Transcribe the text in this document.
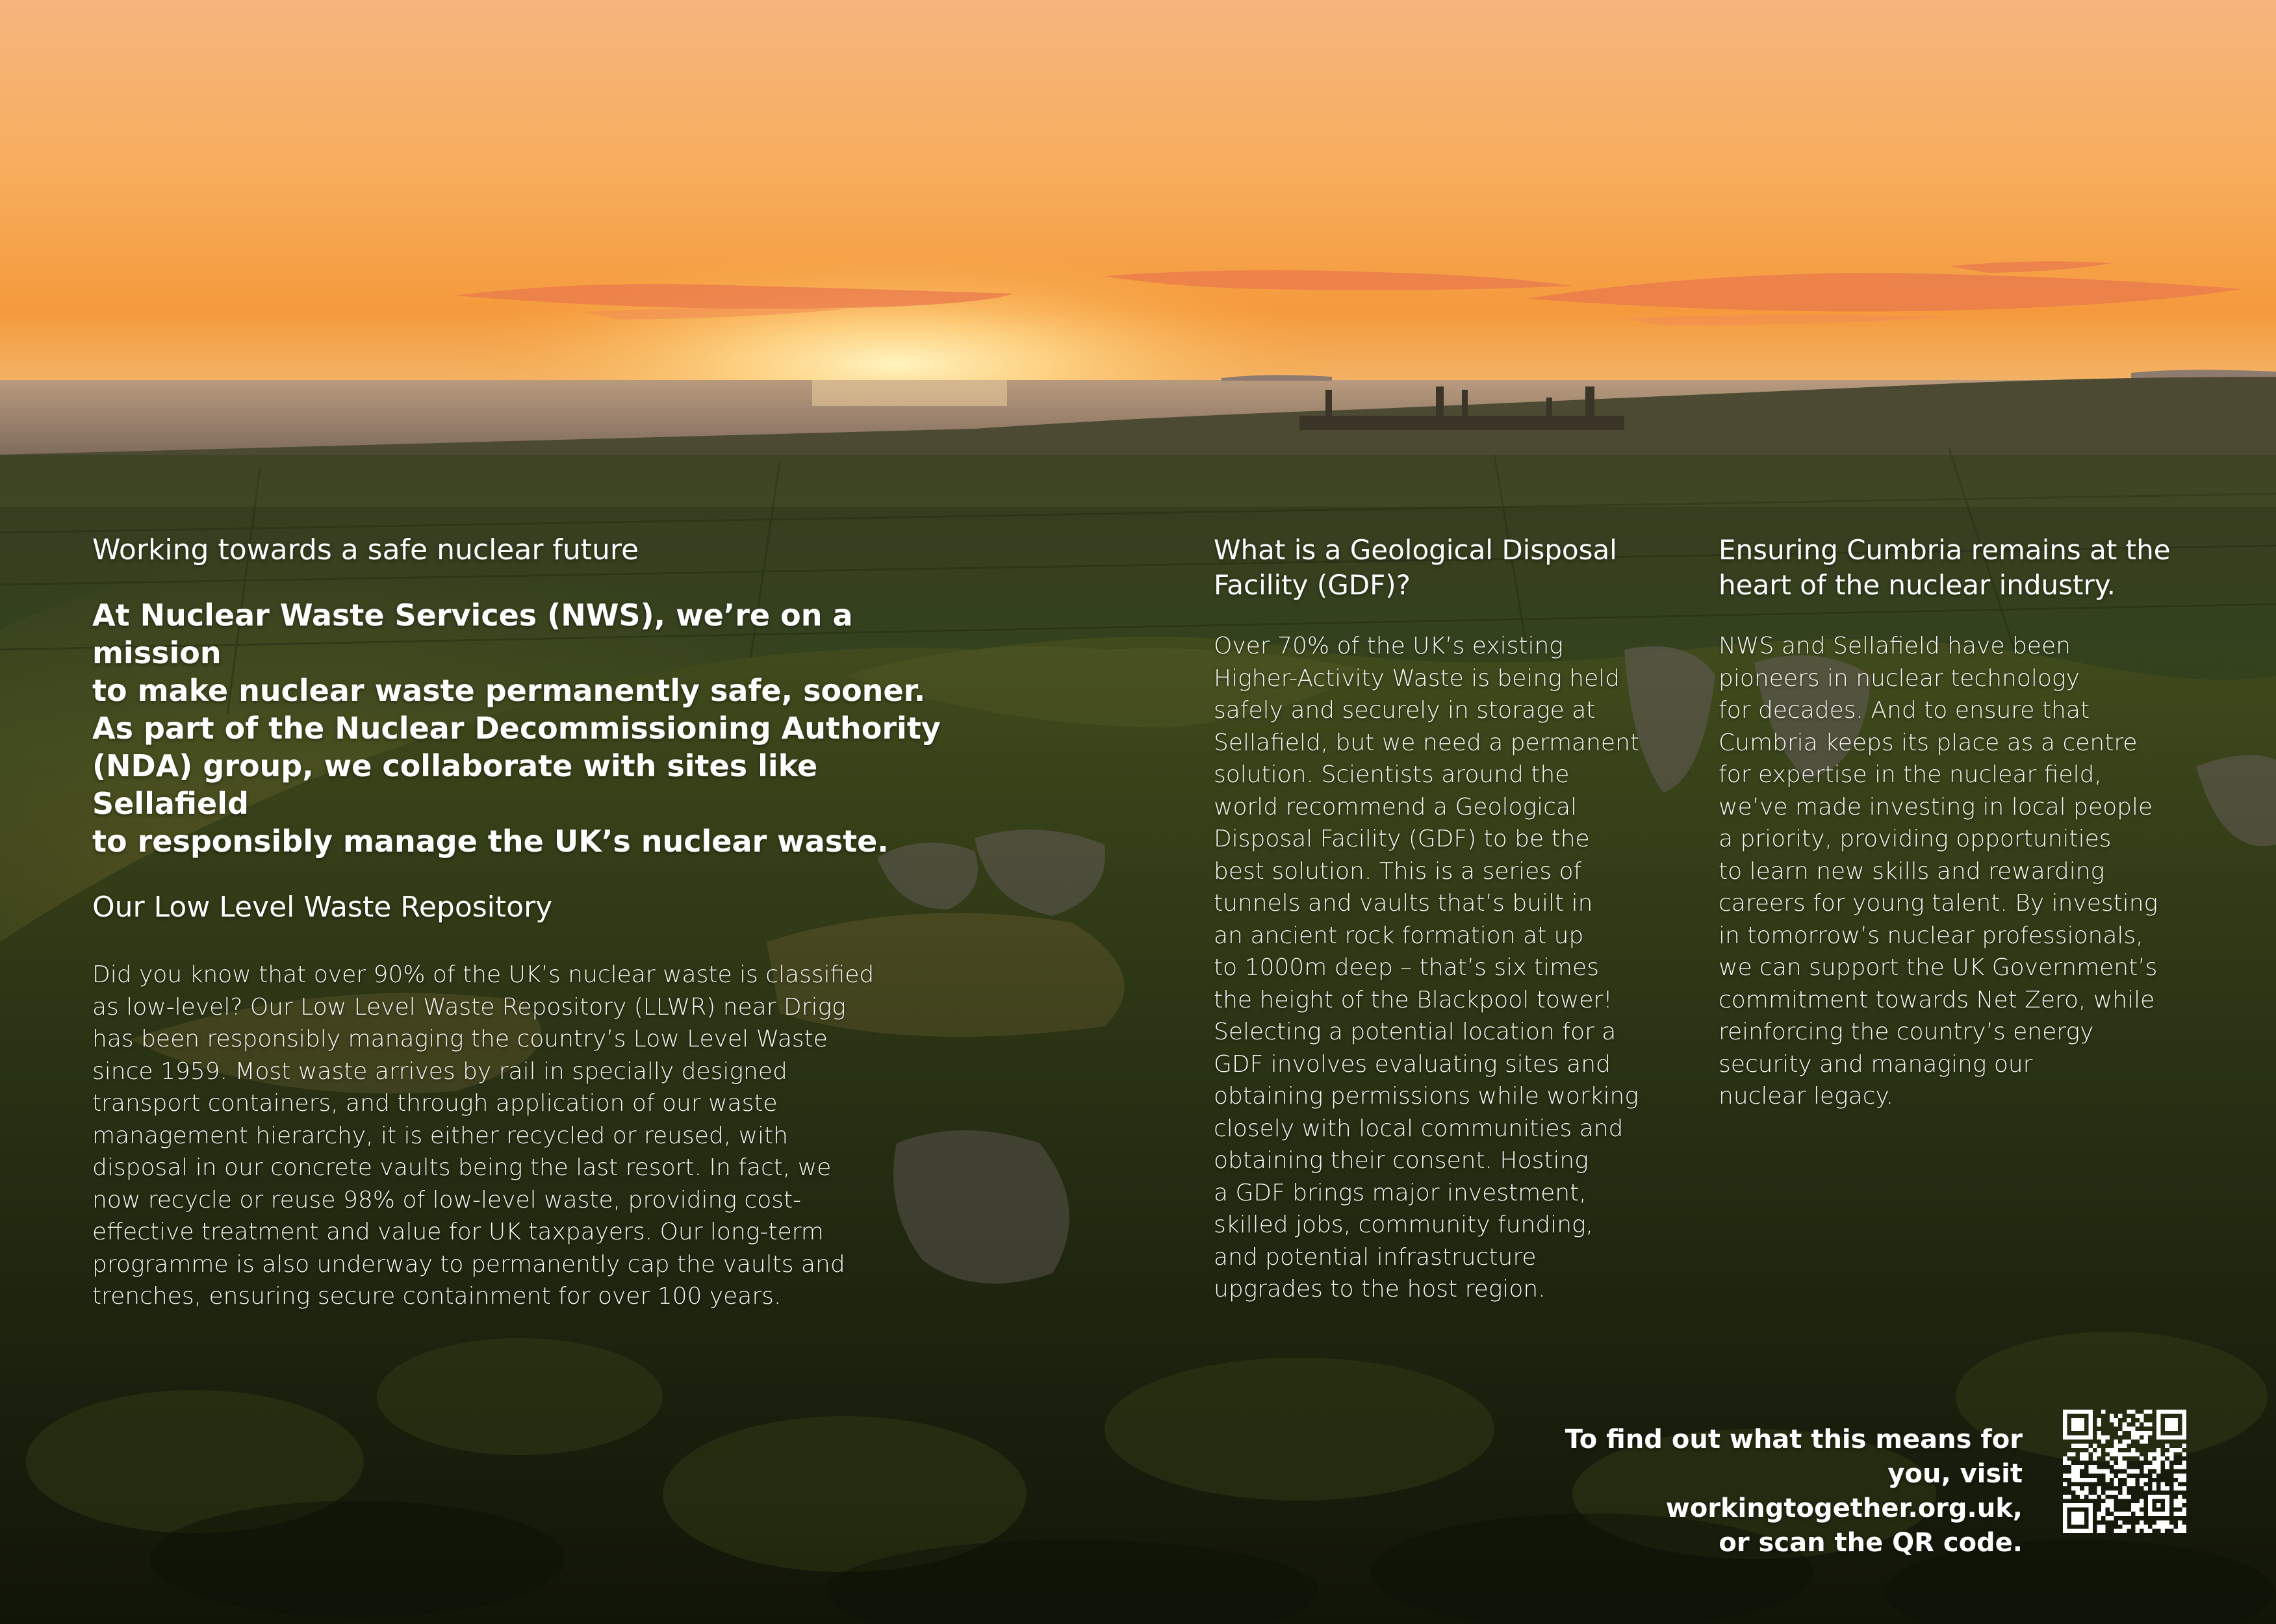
Working towards a safe nuclear future
At Nuclear Waste Services (NWS), we’re on a mission
to make nuclear waste permanently safe, sooner.
As part of the Nuclear Decommissioning Authority
(NDA) group, we collaborate with sites like Sellafield
to responsibly manage the UK’s nuclear waste.
Our Low Level Waste Repository
Did you know that over 90% of the UK’s nuclear waste is classified
as low-level? Our Low Level Waste Repository (LLWR) near Drigg
has been responsibly managing the country’s Low Level Waste
since 1959. Most waste arrives by rail in specially designed
transport containers, and through application of our waste
management hierarchy, it is either recycled or reused, with
disposal in our concrete vaults being the last resort. In fact, we
now recycle or reuse 98% of low-level waste, providing cost-
effective treatment and value for UK taxpayers. Our long-term
programme is also underway to permanently cap the vaults and
trenches, ensuring secure containment for over 100 years.
What is a Geological Disposal
Facility (GDF)?
Over 70% of the UK’s existing
Higher-Activity Waste is being held
safely and securely in storage at
Sellafield, but we need a permanent
solution. Scientists around the
world recommend a Geological
Disposal Facility (GDF) to be the
best solution. This is a series of
tunnels and vaults that’s built in
an ancient rock formation at up
to 1000m deep – that’s six times
the height of the Blackpool tower!
Selecting a potential location for a
GDF involves evaluating sites and
obtaining permissions while working
closely with local communities and
obtaining their consent. Hosting
a GDF brings major investment,
skilled jobs, community funding,
and potential infrastructure
upgrades to the host region.
Ensuring Cumbria remains at the
heart of the nuclear industry.
NWS and Sellafield have been
pioneers in nuclear technology
for decades. And to ensure that
Cumbria keeps its place as a centre
for expertise in the nuclear field,
we’ve made investing in local people
a priority, providing opportunities
to learn new skills and rewarding
careers for young talent. By investing
in tomorrow’s nuclear professionals,
we can support the UK Government’s
commitment towards Net Zero, while
reinforcing the country’s energy
security and managing our
nuclear legacy.
To find out what this means for
you, visit workingtogether.org.uk,
or scan the QR code.
